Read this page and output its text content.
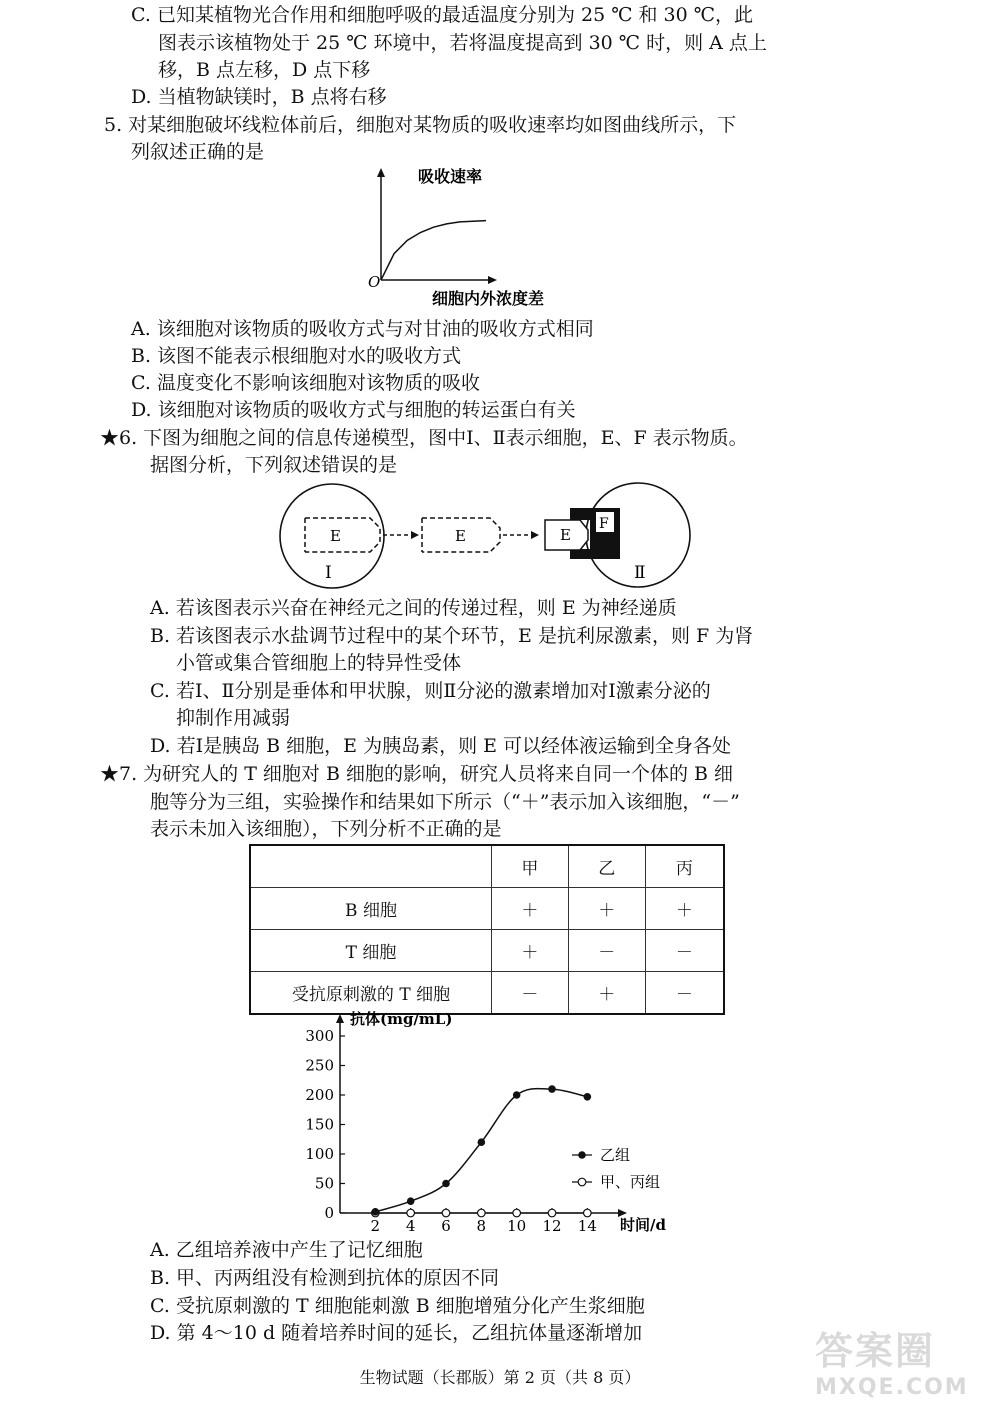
C. 已知某植物光合作用和细胞呼吸的最适温度分别为 25 ℃ 和 30 ℃，此
图表示该植物处于 25 ℃ 环境中，若将温度提高到 30 ℃ 时，则 A 点上
移，B 点左移，D 点下移
D. 当植物缺镁时，B 点将右移
5. 对某细胞破坏线粒体前后，细胞对某物质的吸收速率均如图曲线所示，下
列叙述正确的是
吸收速率
O
细胞内外浓度差
A. 该细胞对该物质的吸收方式与对甘油的吸收方式相同
B. 该图不能表示根细胞对水的吸收方式
C. 温度变化不影响该细胞对该物质的吸收
D. 该细胞对该物质的吸收方式与细胞的转运蛋白有关
★6. 下图为细胞之间的信息传递模型，图中Ⅰ、Ⅱ表示细胞，E、F 表示物质。
据图分析，下列叙述错误的是
E
Ⅰ
E	E
F
Ⅱ
A. 若该图表示兴奋在神经元之间的传递过程，则 E 为神经递质
B. 若该图表示水盐调节过程中的某个环节，E 是抗利尿激素，则 F 为肾
小管或集合管细胞上的特异性受体
C. 若Ⅰ、Ⅱ分别是垂体和甲状腺，则Ⅱ分泌的激素增加对Ⅰ激素分泌的
抑制作用减弱
D. 若Ⅰ是胰岛 B 细胞，E 为胰岛素，则 E 可以经体液运输到全身各处
★7. 为研究人的 T 细胞对 B 细胞的影响，研究人员将来自同一个体的 B 细
胞等分为三组，实验操作和结果如下所示（“＋”表示加入该细胞，“－”
表示未加入该细胞），下列分析不正确的是
	甲	乙	丙
B 细胞	＋	＋	＋
T 细胞	＋	－	－
受抗原刺激的 T 细胞	－	＋	－
0
50
100
150
200
250
300
2 4 6 8 10 12 14
抗体(mg/mL)
时间/d
乙组
甲、丙组
A. 乙组培养液中产生了记忆细胞
B. 甲、丙两组没有检测到抗体的原因不同
C. 受抗原刺激的 T 细胞能刺激 B 细胞增殖分化产生浆细胞
D. 第 4～10 d 随着培养时间的延长，乙组抗体量逐渐增加
生物试题（长郡版）第 2 页（共 8 页）
答案圈
MXQE.COM
